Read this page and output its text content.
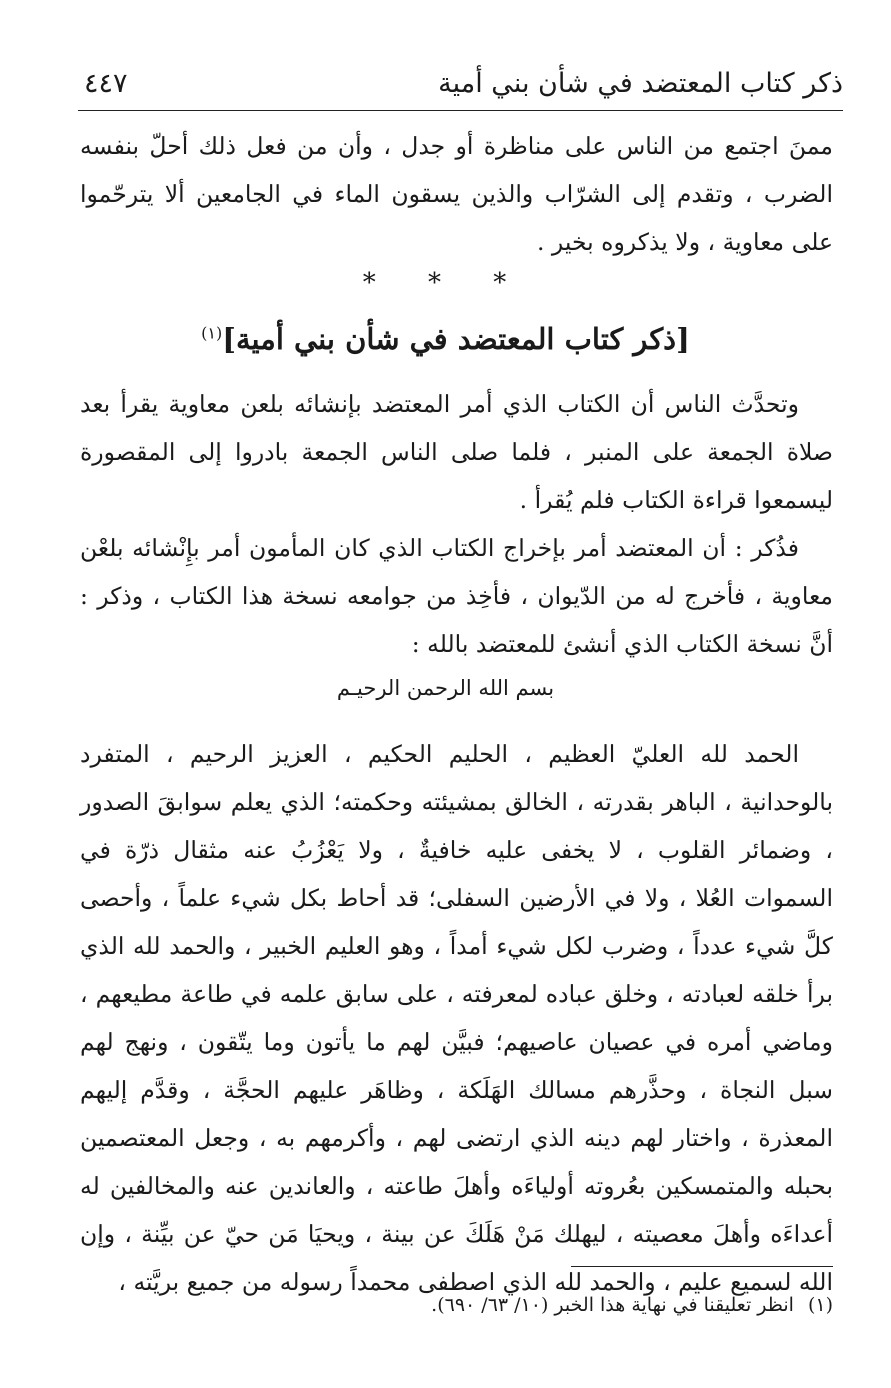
ذكر كتاب المعتضد في شأن بني أمية
٤٤٧

ممنَ اجتمع من الناس على مناظرة أو جدل ، وأن من فعل ذلك أحلّ بنفسه الضرب ، وتقدم إلى الشرّاب والذين يسقون الماء في الجامعين ألا يترحّموا على معاوية ، ولا يذكروه بخير .

* * *
[ذكر كتاب المعتضد في شأن بني أمية]$^{(١)}$

وتحدَّث الناس أن الكتاب الذي أمر المعتضد بإنشائه بلعن معاوية يقرأ بعد صلاة الجمعة على المنبر ، فلما صلى الناس الجمعة بادروا إلى المقصورة ليسمعوا قراءة الكتاب فلم يُقرأ .

فذُكر : أن المعتضد أمر بإخراج الكتاب الذي كان المأمون أمر بإِنْشائه بلعْن معاوية ، فأخرج له من الدّيوان ، فأخِذ من جوامعه نسخة هذا الكتاب ، وذكر : أنَّ نسخة الكتاب الذي أنشئ للمعتضد بالله :

بسم الله الرحمن الرحيـم

الحمد لله العليّ العظيم ، الحليم الحكيم ، العزيز الرحيم ، المتفرد بالوحدانية ، الباهر بقدرته ، الخالق بمشيئته وحكمته؛ الذي يعلم سوابقَ الصدور ، وضمائر القلوب ، لا يخفى عليه خافيةٌ ، ولا يَعْزُبُ عنه مثقال ذرّة في السموات العُلا ، ولا في الأرضين السفلى؛ قد أحاط بكل شيء علماً ، وأحصى كلَّ شيء عدداً ، وضرب لكل شيء أمداً ، وهو العليم الخبير ، والحمد لله الذي برأ خلقه لعبادته ، وخلق عباده لمعرفته ، على سابق علمه في طاعة مطيعهم ، وماضي أمره في عصيان عاصيهم؛ فبيَّن لهم ما يأتون وما يتّقون ، ونهج لهم سبل النجاة ، وحذَّرهم مسالك الهَلَكة ، وظاهَر عليهم الحجَّة ، وقدَّم إليهم المعذرة ، واختار لهم دينه الذي ارتضى لهم ، وأكرمهم به ، وجعل المعتصمين بحبله والمتمسكين بعُروته أولياءَه وأهلَ طاعته ، والعاندين عنه والمخالفين له أعداءَه وأهلَ معصيته ، ليهلك مَنْ هَلَكَ عن بينة ، ويحيَا مَن حيّ عن بيِّنة ، وإن الله لسميع عليم ، والحمد لله الذي اصطفى محمداً رسوله من جميع بريَّته ،

(١)انظر تعليقنا في نهاية هذا الخبر (١٠/ ٦٣/ ٦٩٠).
